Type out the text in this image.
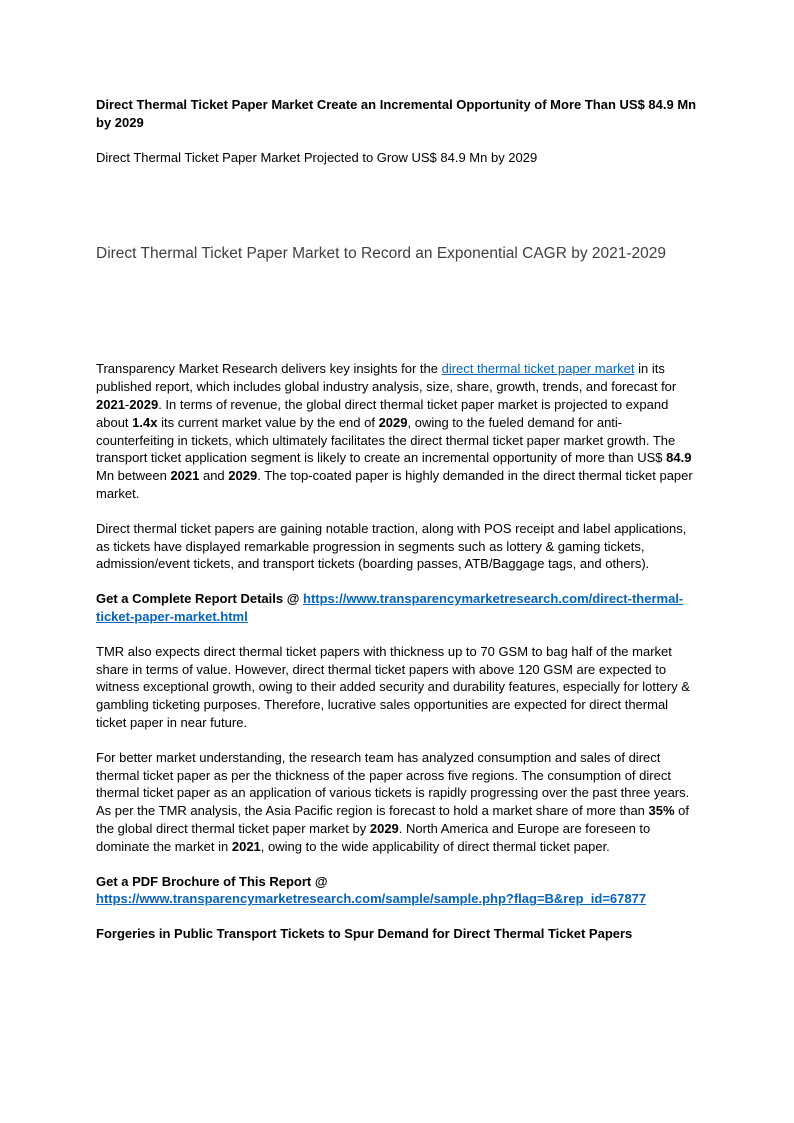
Direct Thermal Ticket Paper Market Create an Incremental Opportunity of More Than US$ 84.9 Mn by 2029

Direct Thermal Ticket Paper Market Projected to Grow US$ 84.9 Mn by 2029

Direct Thermal Ticket Paper Market to Record an Exponential CAGR by 2021-2029

Transparency Market Research delivers key insights for the direct thermal ticket paper market in its published report, which includes global industry analysis, size, share, growth, trends, and forecast for 2021-2029. In terms of revenue, the global direct thermal ticket paper market is projected to expand about 1.4x its current market value by the end of 2029, owing to the fueled demand for anti-counterfeiting in tickets, which ultimately facilitates the direct thermal ticket paper market growth. The transport ticket application segment is likely to create an incremental opportunity of more than US$ 84.9 Mn between 2021 and 2029. The top-coated paper is highly demanded in the direct thermal ticket paper market.

Direct thermal ticket papers are gaining notable traction, along with POS receipt and label applications, as tickets have displayed remarkable progression in segments such as lottery & gaming tickets, admission/event tickets, and transport tickets (boarding passes, ATB/Baggage tags, and others).

Get a Complete Report Details @ https://www.transparencymarketresearch.com/direct-thermal-ticket-paper-market.html

TMR also expects direct thermal ticket papers with thickness up to 70 GSM to bag half of the market share in terms of value. However, direct thermal ticket papers with above 120 GSM are expected to witness exceptional growth, owing to their added security and durability features, especially for lottery & gambling ticketing purposes. Therefore, lucrative sales opportunities are expected for direct thermal ticket paper in near future.

For better market understanding, the research team has analyzed consumption and sales of direct thermal ticket paper as per the thickness of the paper across five regions. The consumption of direct thermal ticket paper as an application of various tickets is rapidly progressing over the past three years. As per the TMR analysis, the Asia Pacific region is forecast to hold a market share of more than 35% of the global direct thermal ticket paper market by 2029. North America and Europe are foreseen to dominate the market in 2021, owing to the wide applicability of direct thermal ticket paper.

Get a PDF Brochure of This Report @
https://www.transparencymarketresearch.com/sample/sample.php?flag=B&rep_id=67877

Forgeries in Public Transport Tickets to Spur Demand for Direct Thermal Ticket Papers
